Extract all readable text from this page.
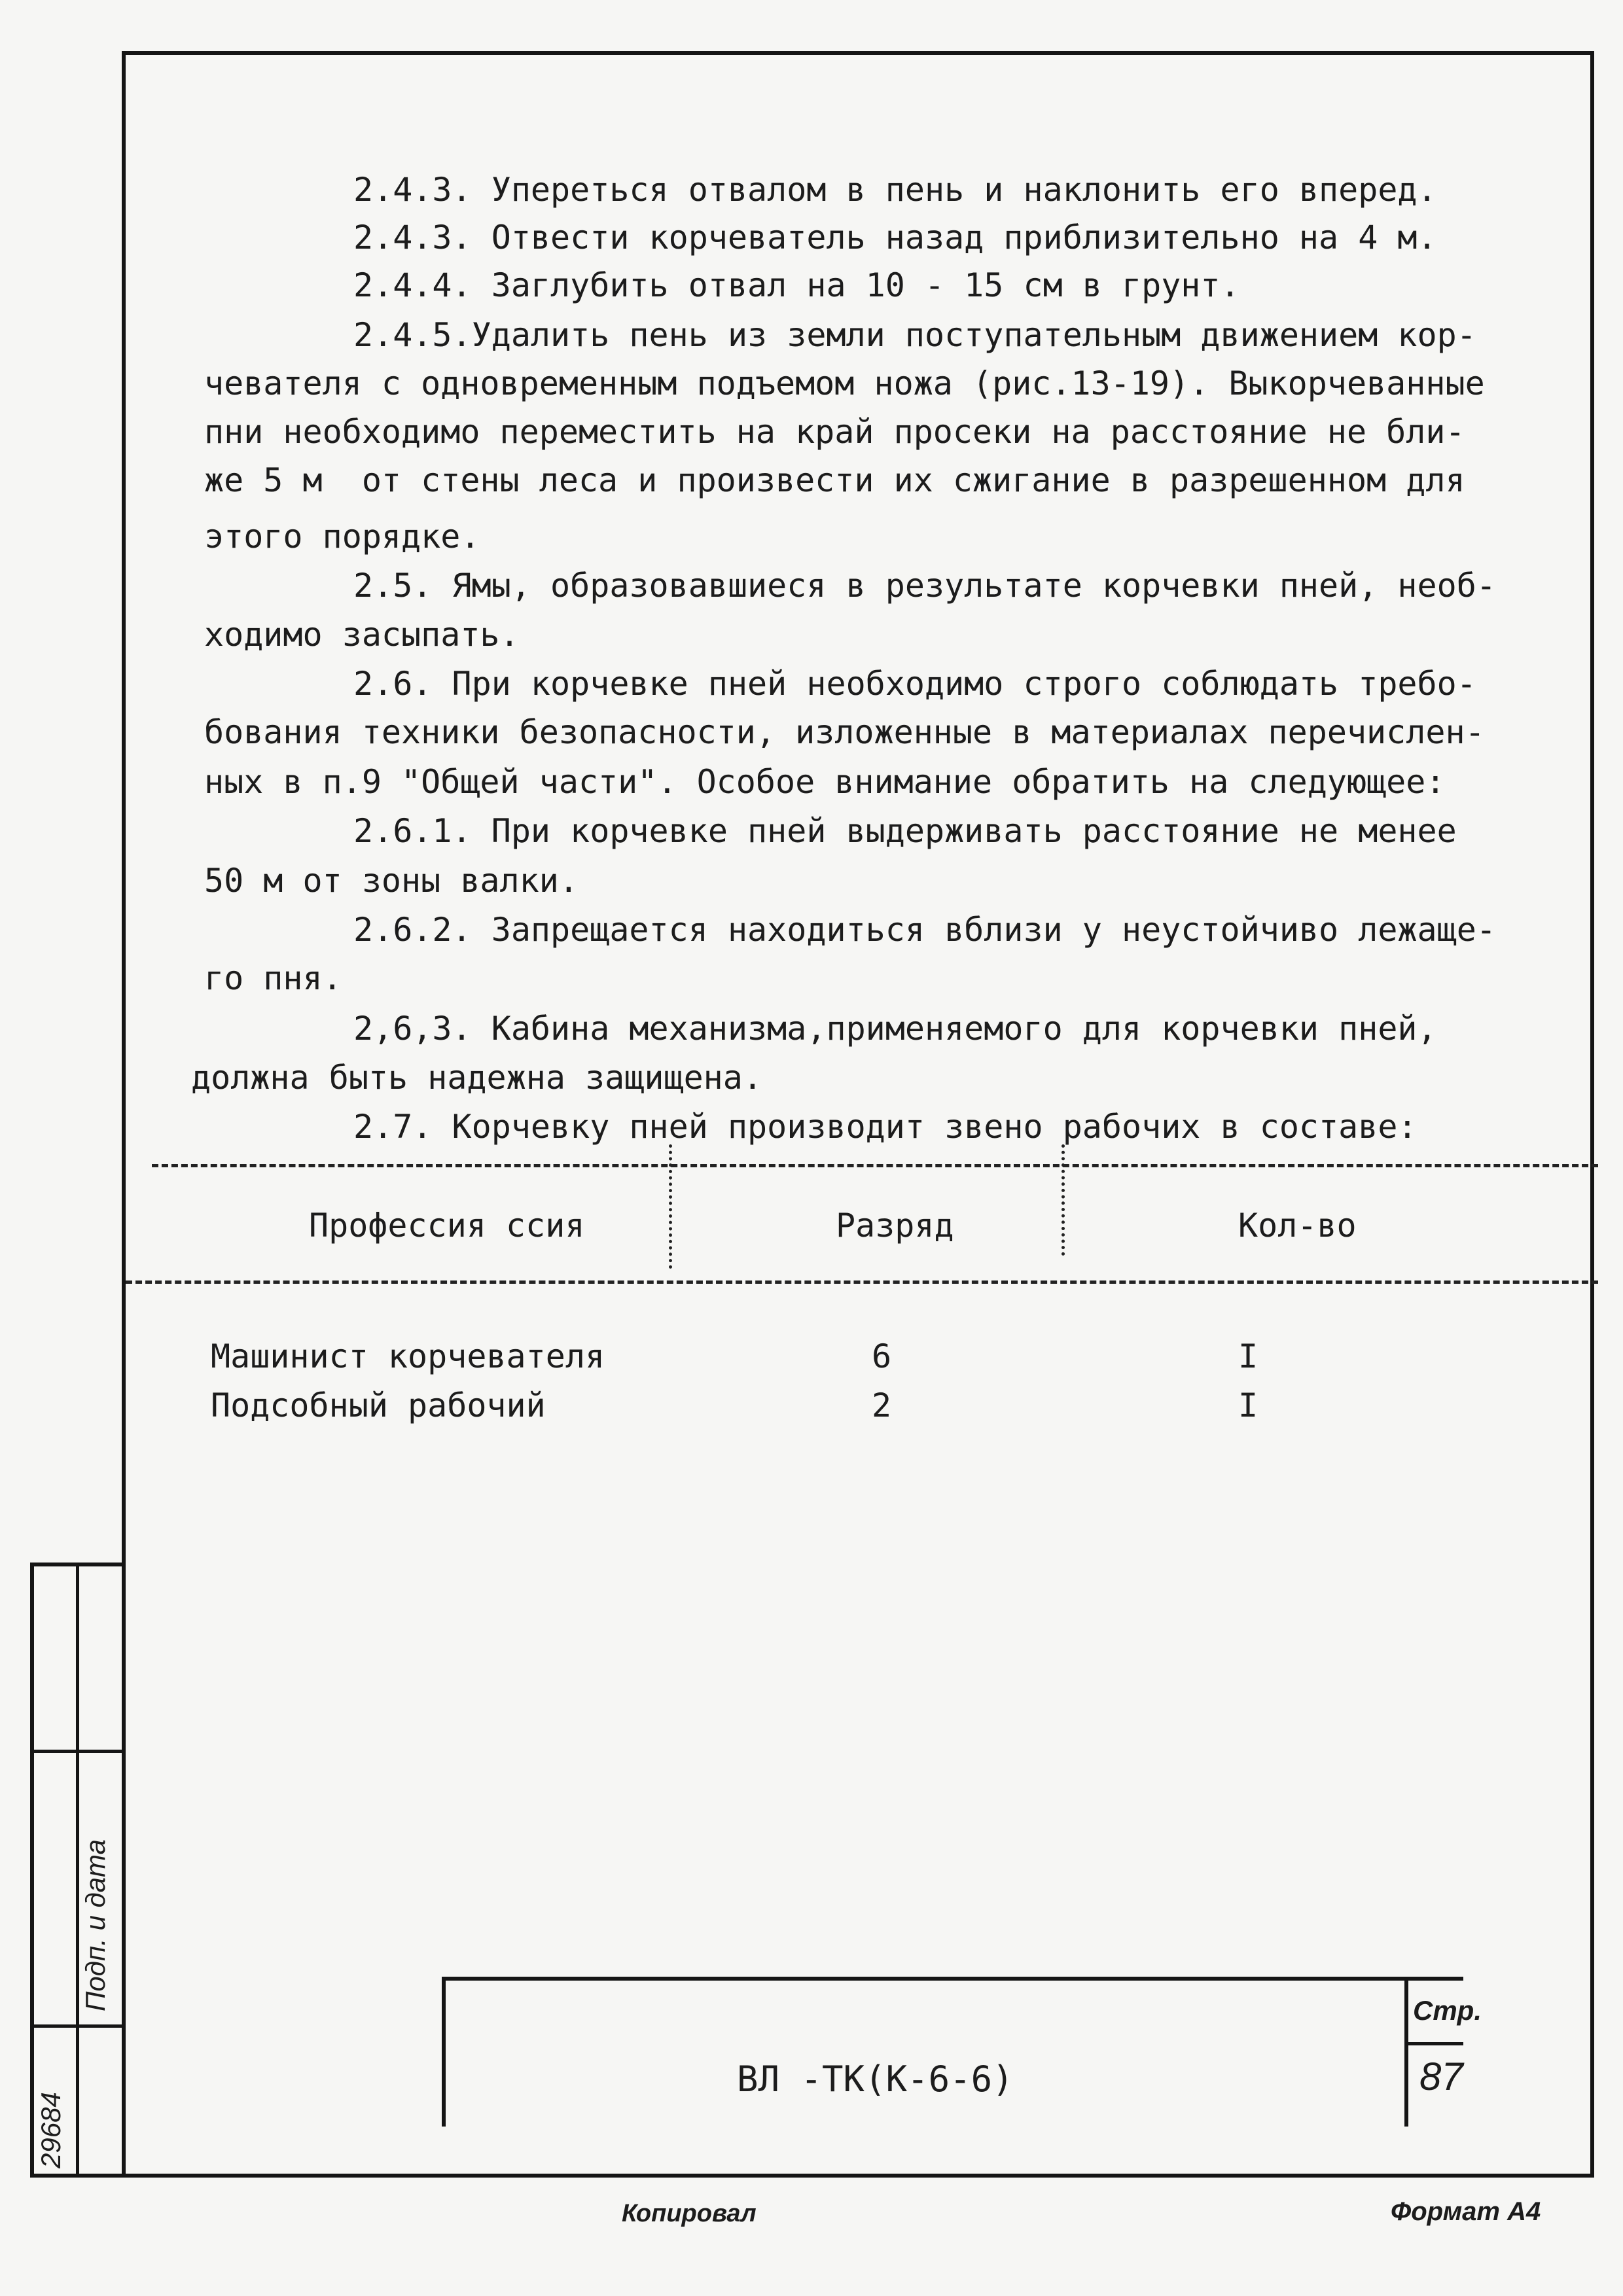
2.4.3. Упереться отвалом в пень и наклонить его вперед.
2.4.3. Отвести корчеватель назад приблизительно на 4 м.
2.4.4. Заглубить отвал на 10 - 15 см в грунт.
2.4.5.Удалить пень из земли поступательным движением кор-
чевателя с одновременным подъемом ножа (рис.13-19). Выкорчеванные
пни необходимо переместить на край просеки на расстояние не бли-
же 5 м  от стены леса и произвести их сжигание в разрешенном для
этого порядке.
2.5. Ямы, образовавшиеся в результате корчевки пней, необ-
ходимо засыпать.
2.6. При корчевке пней необходимо строго соблюдать требо-
бования техники безопасности, изложенные в материалах перечислен-
ных в п.9 "Общей части". Особое внимание обратить на следующее:
2.6.1. При корчевке пней выдерживать расстояние не менее
50 м от зоны валки.
2.6.2. Запрещается находиться вблизи у неустойчиво лежаще-
го пня.
2,6,3. Кабина механизма,применяемого для корчевки пней,
должна быть надежна защищена.
2.7. Корчевку пней производит звено рабочих в составе:
Профессия ссия	Разряд	Кол-во
Машинист корчевателя	6	I
Подсобный рабочий	2	I
ВЛ -ТК(К-6-6)
Стр.
87
29684
Подп. и дата
Копировал	Формат А4
